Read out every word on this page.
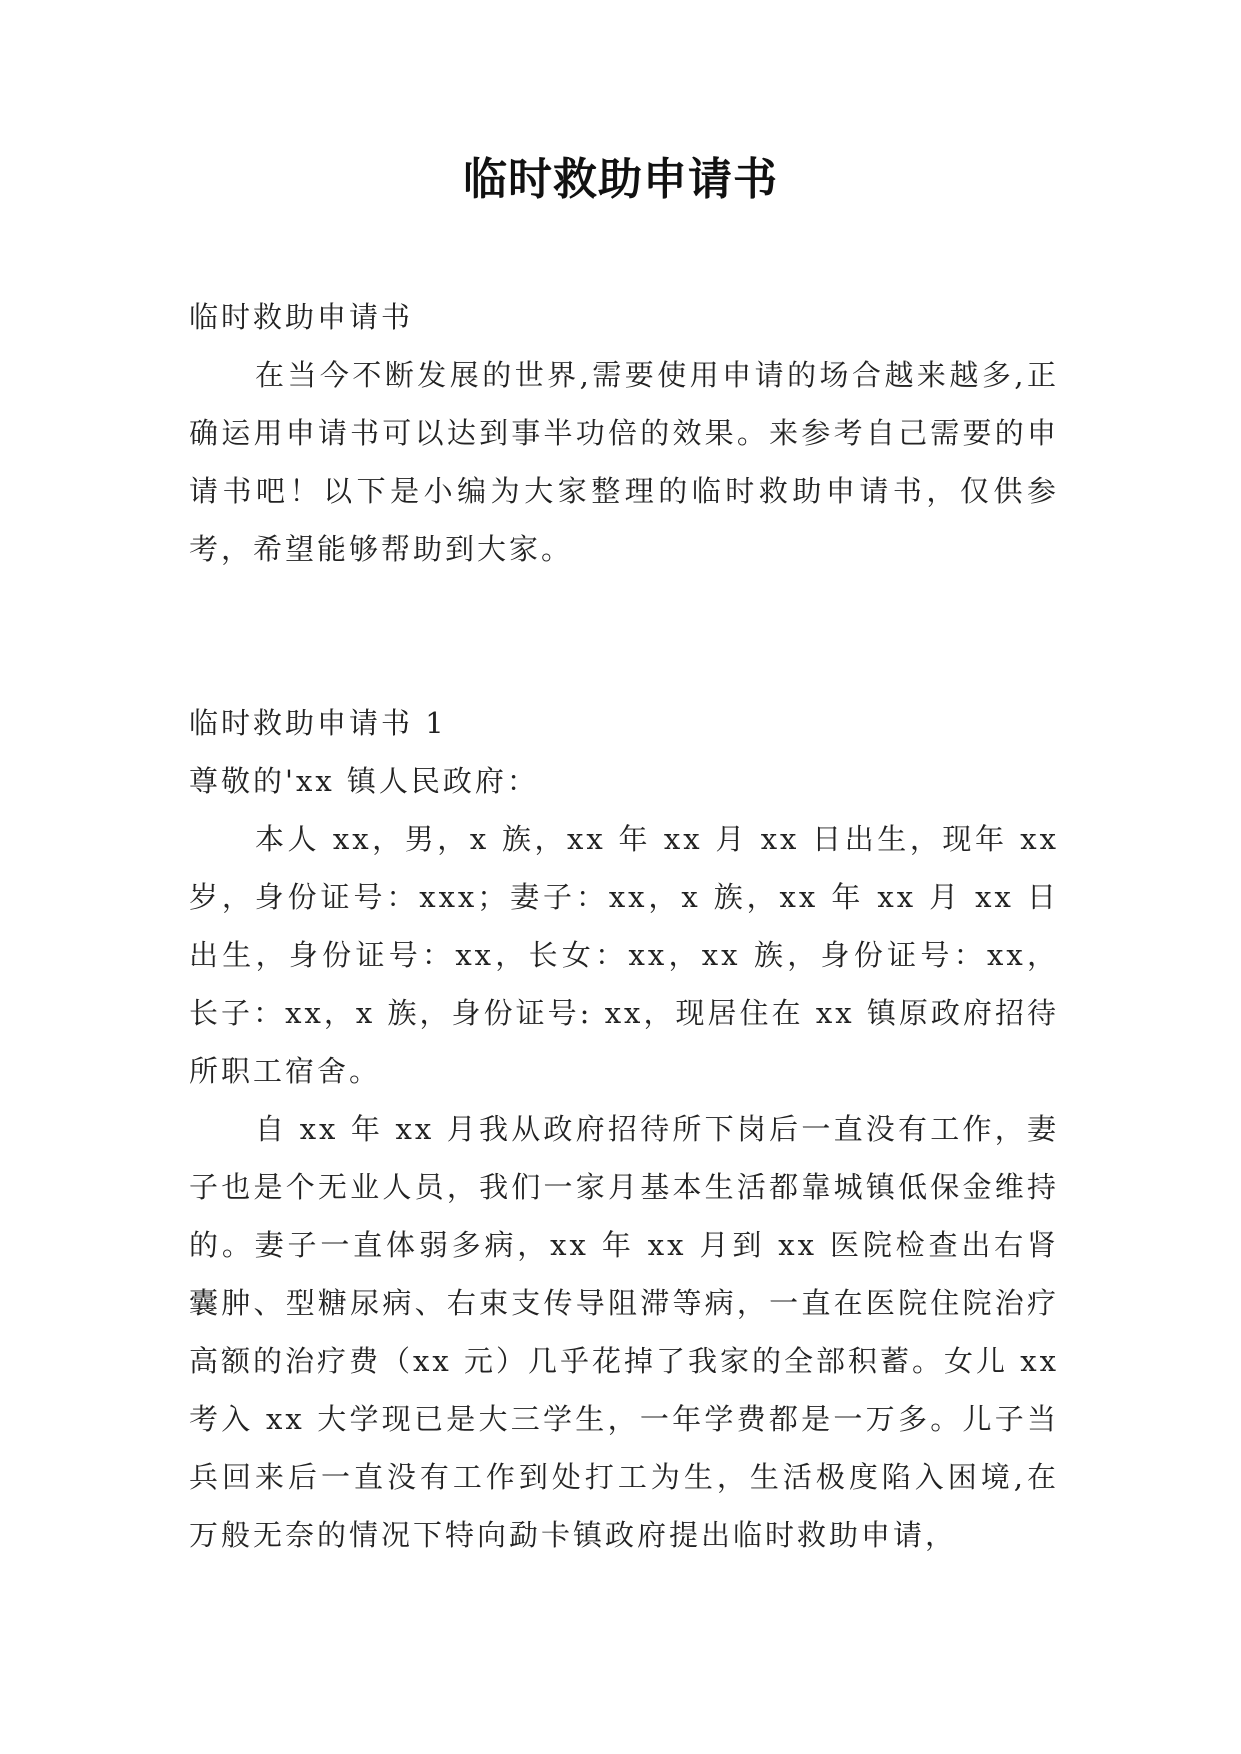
临时救助申请书

临时救助申请书

在当今不断发展的世界,需要使用申请的场合越来越多,正确运用申请书可以达到事半功倍的效果。来参考自己需要的申请书吧！以下是小编为大家整理的临时救助申请书，仅供参考，希望能够帮助到大家。

临时救助申请书 1

尊敬的'xx 镇人民政府：

本人 xx，男，x 族，xx 年 xx 月 xx 日出生，现年 xx 岁，身份证号：xxx；妻子：xx，x 族，xx 年 xx 月 xx 日出生，身份证号：xx，长女：xx，xx 族，身份证号：xx，长子：xx，x 族，身份证号: xx，现居住在 xx 镇原政府招待所职工宿舍。

自 xx 年 xx 月我从政府招待所下岗后一直没有工作，妻子也是个无业人员，我们一家月基本生活都靠城镇低保金维持的。妻子一直体弱多病，xx 年 xx 月到 xx 医院检查出右肾囊肿、型糖尿病、右束支传导阻滞等病，一直在医院住院治疗高额的治疗费（xx 元）几乎花掉了我家的全部积蓄。女儿 xx 考入 xx 大学现已是大三学生，一年学费都是一万多。儿子当兵回来后一直没有工作到处打工为生，生活极度陷入困境,在万般无奈的情况下特向勐卡镇政府提出临时救助申请，
